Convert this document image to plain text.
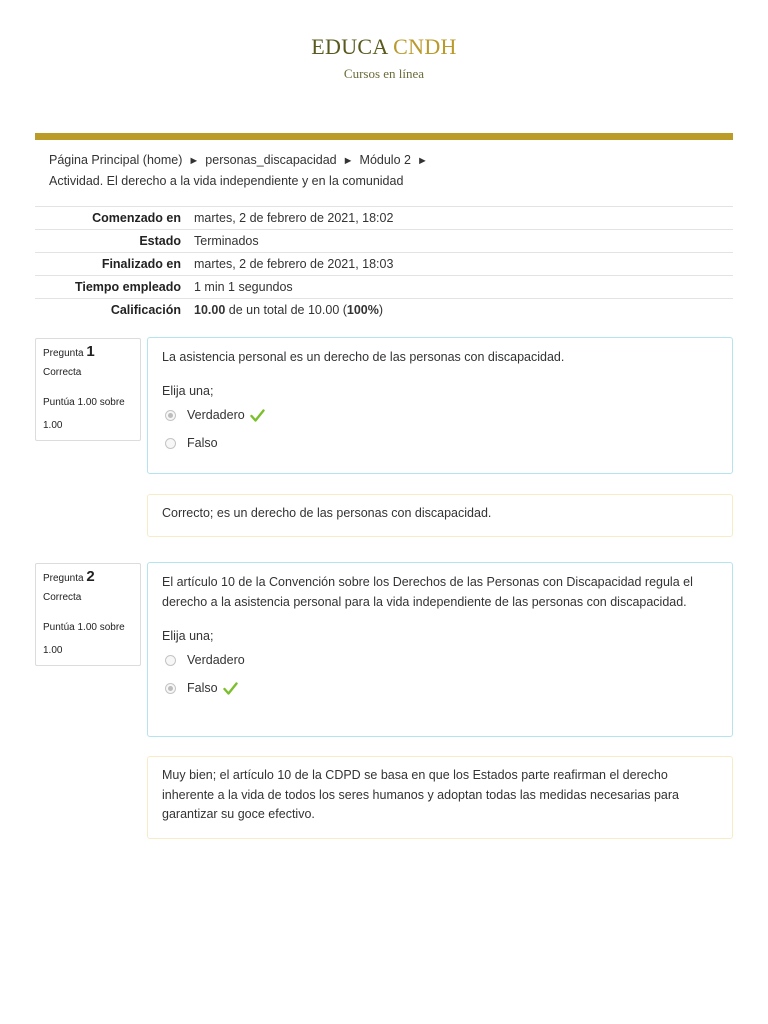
EDUCA CNDH
Cursos en línea
Página Principal (home) ► personas_discapacidad ► Módulo 2 ►
Actividad. El derecho a la vida independiente y en la comunidad
Comenzado en	martes, 2 de febrero de 2021, 18:02
Estado	Terminados
Finalizado en	martes, 2 de febrero de 2021, 18:03
Tiempo empleado	1 min 1 segundos
Calificación	10.00 de un total de 10.00 (100%)
Pregunta 1
Correcta
Puntúa 1.00 sobre 1.00
La asistencia personal es un derecho de las personas con discapacidad.
Elija una;
Verdadero
Falso
Correcto; es un derecho de las personas con discapacidad.
Pregunta 2
Correcta
Puntúa 1.00 sobre 1.00
El artículo 10 de la Convención sobre los Derechos de las Personas con Discapacidad regula el derecho a la asistencia personal para la vida independiente de las personas con discapacidad.
Elija una;
Verdadero
Falso
Muy bien; el artículo 10 de la CDPD se basa en que los Estados parte reafirman el derecho inherente a la vida de todos los seres humanos y adoptan todas las medidas necesarias para garantizar su goce efectivo.
